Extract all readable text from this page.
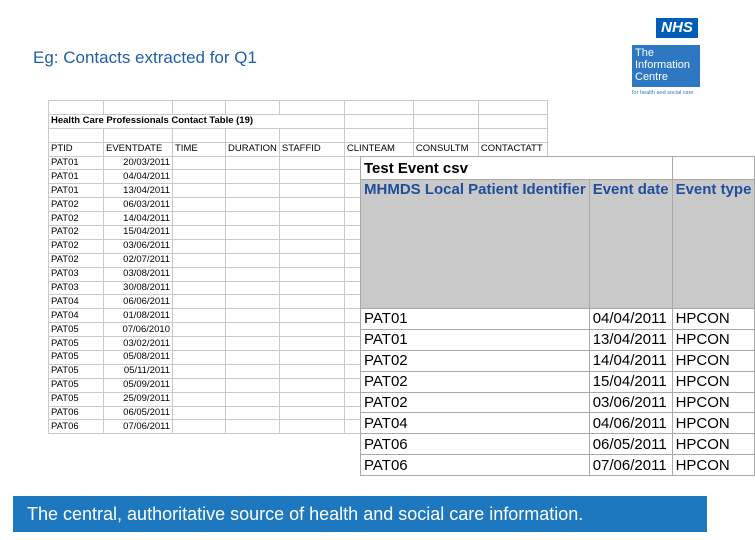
Eg: Contacts extracted for Q1
NHS
The
Information
Centre
for health and social care

Health Care Professionals Contact Table (19)							

PTID	EVENTDATE	TIME	DURATION	STAFFID	CLINTEAM	CONSULTM	CONTACTATT
PAT01	20/03/2011						
PAT01	04/04/2011						
PAT01	13/04/2011						
PAT02	06/03/2011						
PAT02	14/04/2011						
PAT02	15/04/2011						
PAT02	03/06/2011						
PAT02	02/07/2011						
PAT03	03/08/2011						
PAT03	30/08/2011						
PAT04	06/06/2011						
PAT04	01/08/2011						
PAT05	07/06/2010						
PAT05	03/02/2011						
PAT05	05/08/2011						
PAT05	05/11/2011						
PAT05	05/09/2011						
PAT05	25/09/2011						
PAT06	06/05/2011						
PAT06	07/06/2011						
Test Event csv		
MHMDS Local Patient Identifier	Event date	Event type
PAT01	04/04/2011	HPCON
PAT01	13/04/2011	HPCON
PAT02	14/04/2011	HPCON
PAT02	15/04/2011	HPCON
PAT02	03/06/2011	HPCON
PAT04	04/06/2011	HPCON
PAT06	06/05/2011	HPCON
PAT06	07/06/2011	HPCON
The central, authoritative source of health and social care information.
